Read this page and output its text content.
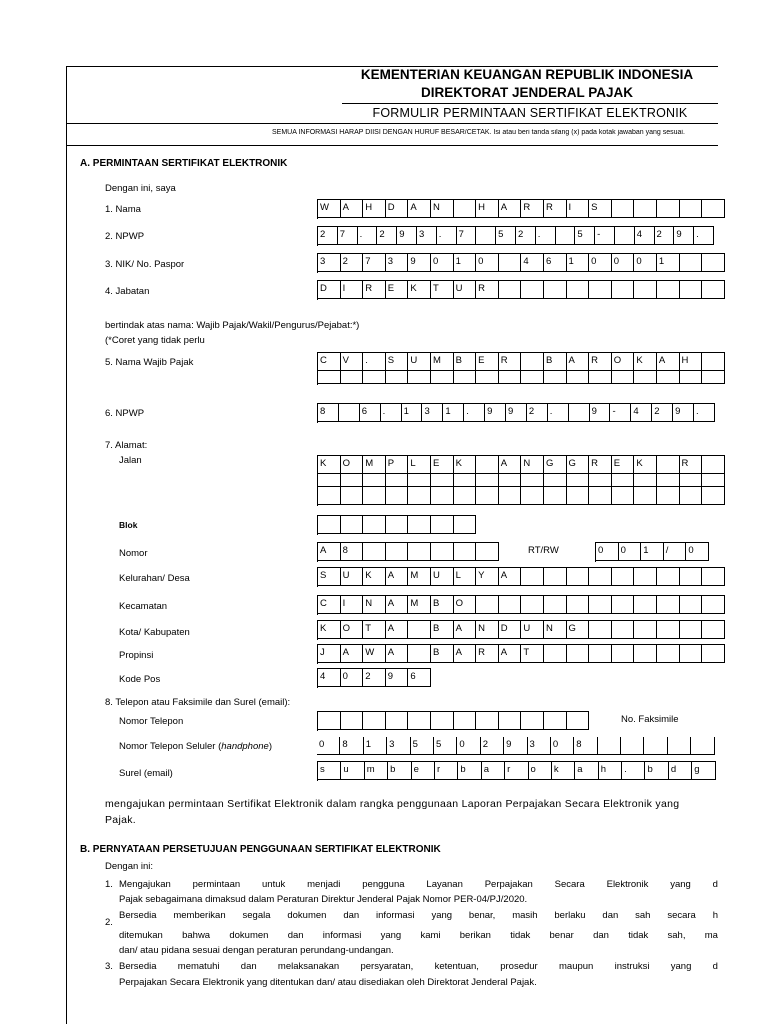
KEMENTERIAN KEUANGAN REPUBLIK INDONESIA
DIREKTORAT JENDERAL PAJAK
FORMULIR PERMINTAAN SERTIFIKAT ELEKTRONIK
SEMUA INFORMASI HARAP DIISI DENGAN HURUF BESAR/CETAK. Isi atau beri tanda silang (x) pada kotak jawaban yang sesuai.
A. PERMINTAAN SERTIFIKAT ELEKTRONIK
Dengan ini, saya
1. Nama	W	A	H	D	A	N	H	A	R	R	I	S
2. NPWP	2	7	.	2	9	3	.	7	5	2	.	5	-	4	2	9	.
3. NIK/ No. Paspor	3	2	7	3	9	0	1	0	4	6	1	0	0	0	1
4. Jabatan	D	I	R	E	K	T	U	R
bertindak atas nama: Wajib Pajak/Wakil/Pengurus/Pejabat:*)
(*Coret yang tidak perlu
5. Nama Wajib Pajak	C	V	.	S	U	M	B	E	R	B	A	R	O	K	A	H
6. NPWP	8	6	.	1	3	1	.	9	9	2	.	9	-	4	2	9	.
7. Alamat:
Jalan	K	O	M	P	L	E	K	A	N	G	G	R	E	K	R
Blok
Nomor	A	8	RT/RW	0	0	1	/	0
Kelurahan/ Desa	S	U	K	A	M	U	L	Y	A
Kecamatan	C	I	N	A	M	B	O
Kota/ Kabupaten	K	O	T	A	B	A	N	D	U	N	G
Propinsi	J	A	W	A	B	A	R	A	T
Kode Pos	4	0	2	9	6
8. Telepon atau Faksimile dan Surel (email):
Nomor Telepon	No. Faksimile
Nomor Telepon Seluler (handphone)	0	8	1	3	5	5	0	2	9	3	0	8
Surel (email)	s	u	m	b	e	r	b	a	r	o	k	a	h	.	b	d	g
mengajukan permintaan Sertifikat Elektronik dalam rangka penggunaan Laporan Perpajakan Secara Elektronik yang
Pajak.
B. PERNYATAAN PERSETUJUAN PENGGUNAAN SERTIFIKAT ELEKTRONIK
Dengan ini:
1. Mengajukan permintaan untuk menjadi pengguna Layanan Perpajakan Secara Elektronik yang d
Pajak sebagaimana dimaksud dalam Peraturan Direktur Jenderal Pajak Nomor PER-04/PJ/2020.
2.
Bersedia memberikan segala dokumen dan informasi yang benar, masih berlaku dan sah secara h
ditemukan bahwa dokumen dan informasi yang kami berikan tidak benar dan tidak sah, ma
dan/ atau pidana sesuai dengan peraturan perundang-undangan.
3. Bersedia mematuhi dan melaksanakan persyaratan, ketentuan, prosedur maupun instruksi yang d
Perpajakan Secara Elektronik yang ditentukan dan/ atau disediakan oleh Direktorat Jenderal Pajak.
